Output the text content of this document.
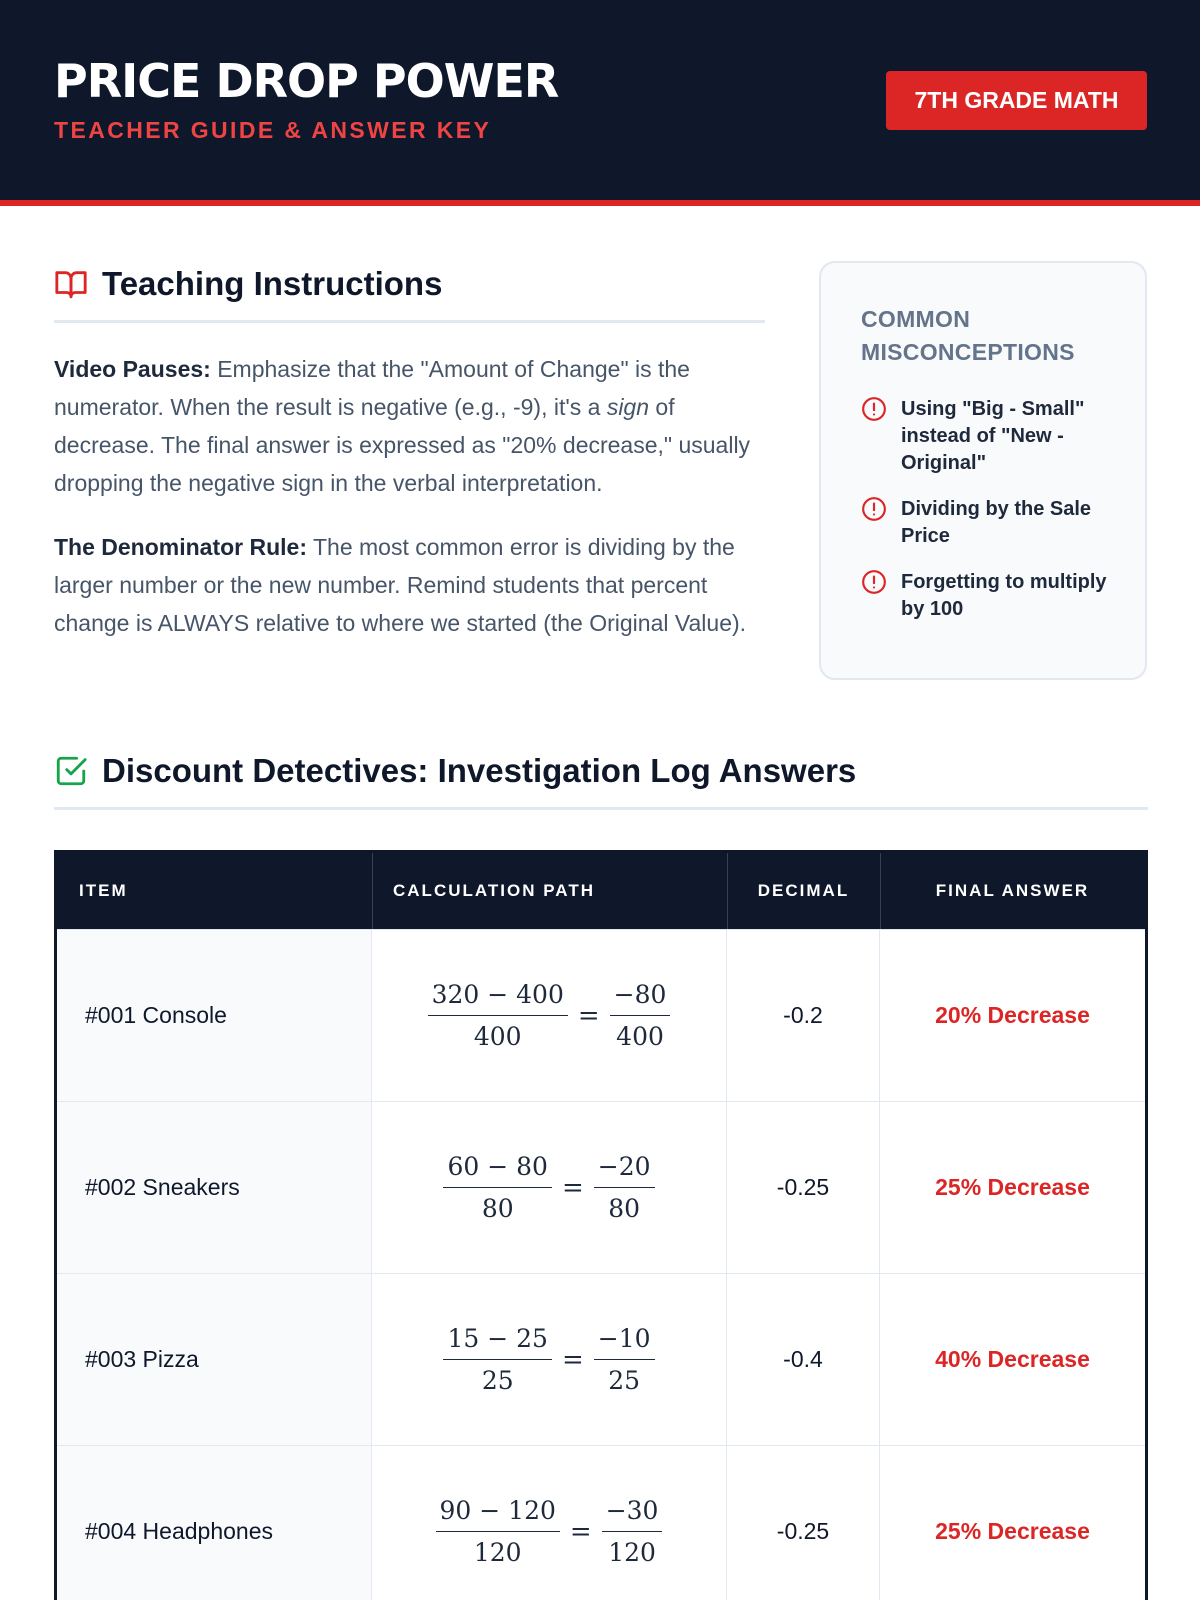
PRICE DROP POWER
TEACHER GUIDE & ANSWER KEY
7TH GRADE MATH
Teaching Instructions

Video Pauses: Emphasize that the "Amount of Change" is the numerator. When the result is negative (e.g., -9), it's a sign of decrease. The final answer is expressed as "20% decrease," usually dropping the negative sign in the verbal interpretation.

The Denominator Rule: The most common error is dividing by the larger number or the new number. Remind students that percent change is ALWAYS relative to where we started (the Original Value).

COMMON MISCONCEPTIONS
Using "Big - Small" instead of "New - Original"
Dividing by the Sale Price
Forgetting to multiply by 100
Discount Detectives: Investigation Log Answers
ITEM	CALCULATION PATH	DECIMAL	FINAL ANSWER
#001 Console	$\frac{320 - 400}{400} = \frac{-80}{400}$	-0.2	20% Decrease
#002 Sneakers	$\frac{60 - 80}{80} = \frac{-20}{80}$	-0.25	25% Decrease
#003 Pizza	$\frac{15 - 25}{25} = \frac{-10}{25}$	-0.4	40% Decrease
#004 Headphones	$\frac{90 - 120}{120} = \frac{-30}{120}$	-0.25	25% Decrease
